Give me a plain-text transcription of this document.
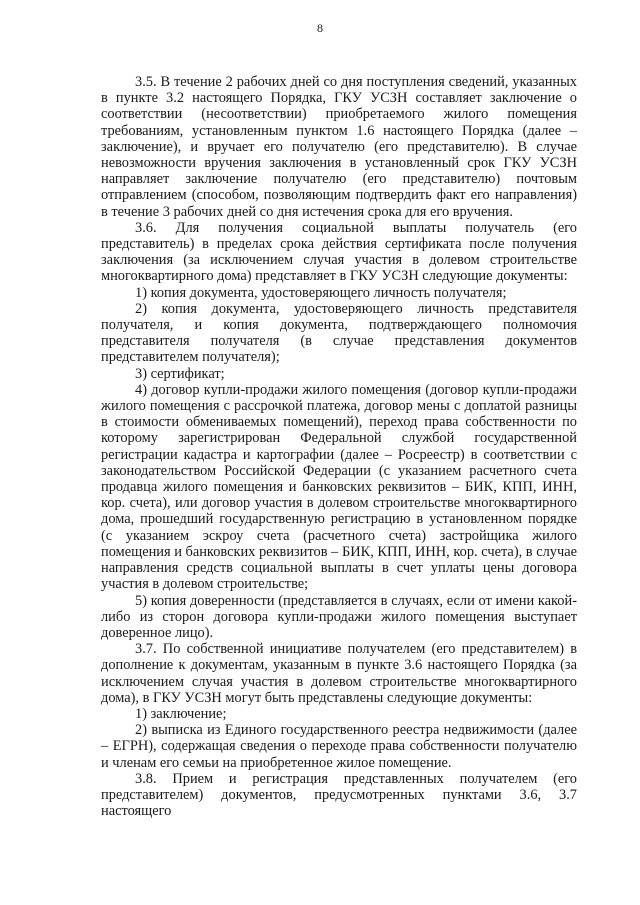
8

3.5. В течение 2 рабочих дней со дня поступления сведений, указанных в пункте 3.2 настоящего Порядка, ГКУ УСЗН составляет заключение о соответствии (несоответствии) приобретаемого жилого помещения требованиям, установленным пунктом 1.6 настоящего Порядка (далее – заключение), и вручает его получателю (его представителю). В случае невозможности вручения заключения в установленный срок ГКУ УСЗН направляет заключение получателю (его представителю) почтовым отправлением (способом, позволяющим подтвердить факт его направления) в течение 3 рабочих дней со дня истечения срока для его вручения.

3.6. Для получения социальной выплаты получатель (его представитель) в пределах срока действия сертификата после получения заключения (за исключением случая участия в долевом строительстве многоквартирного дома) представляет в ГКУ УСЗН следующие документы:

1) копия документа, удостоверяющего личность получателя;

2) копия документа, удостоверяющего личность представителя получателя, и копия документа, подтверждающего полномочия представителя получателя (в случае представления документов представителем получателя);

3) сертификат;

4) договор купли-продажи жилого помещения (договор купли-продажи жилого помещения с рассрочкой платежа, договор мены с доплатой разницы в стоимости обмениваемых помещений), переход права собственности по которому зарегистрирован Федеральной службой государственной регистрации кадастра и картографии (далее – Росреестр) в соответствии с законодательством Российской Федерации (с указанием расчетного счета продавца жилого помещения и банковских реквизитов – БИК, КПП, ИНН, кор. счета), или договор участия в долевом строительстве многоквартирного дома, прошедший государственную регистрацию в установленном порядке (с указанием эскроу счета (расчетного счета) застройщика жилого помещения и банковских реквизитов – БИК, КПП, ИНН, кор. счета), в случае направления средств социальной выплаты в счет уплаты цены договора участия в долевом строительстве;

5) копия доверенности (представляется в случаях, если от имени какой-либо из сторон договора купли-продажи жилого помещения выступает доверенное лицо).

3.7. По собственной инициативе получателем (его представителем) в дополнение к документам, указанным в пункте 3.6 настоящего Порядка (за исключением случая участия в долевом строительстве многоквартирного дома), в ГКУ УСЗН могут быть представлены следующие документы:

1) заключение;

2) выписка из Единого государственного реестра недвижимости (далее – ЕГРН), содержащая сведения о переходе права собственности получателю и членам его семьи на приобретенное жилое помещение.

3.8. Прием и регистрация представленных получателем (его представителем) документов, предусмотренных пунктами 3.6, 3.7 настоящего
